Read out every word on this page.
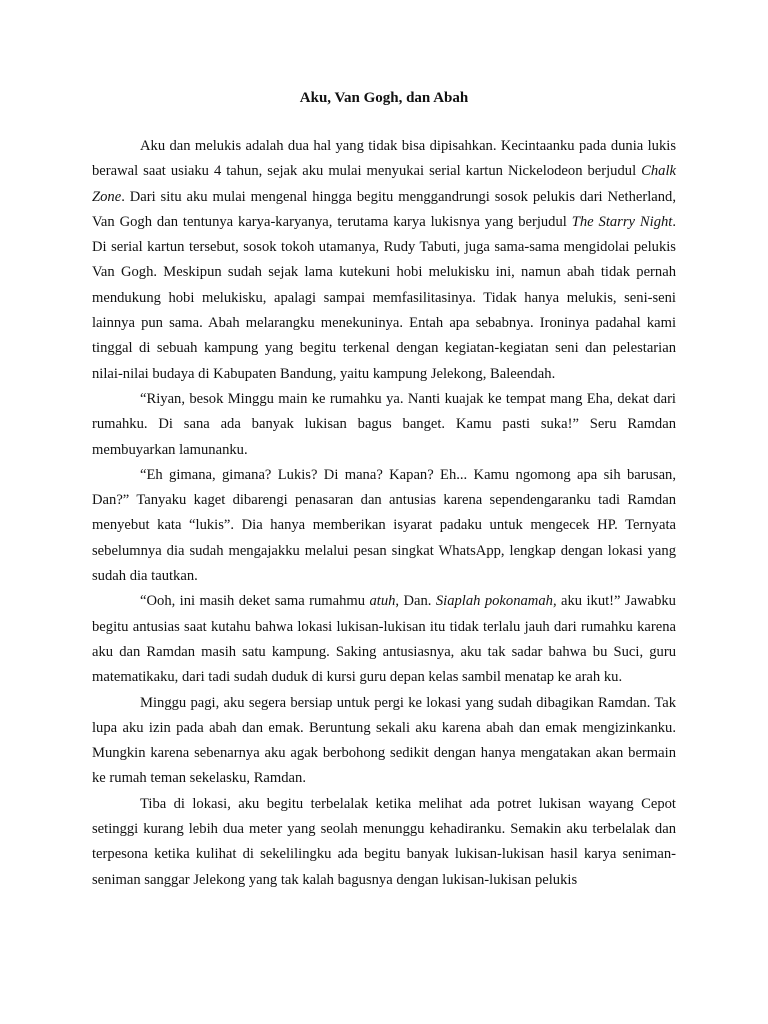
Aku, Van Gogh, dan Abah

Aku dan melukis adalah dua hal yang tidak bisa dipisahkan. Kecintaanku pada dunia lukis berawal saat usiaku 4 tahun, sejak aku mulai menyukai serial kartun Nickelodeon berjudul Chalk Zone. Dari situ aku mulai mengenal hingga begitu menggandrungi sosok pelukis dari Netherland, Van Gogh dan tentunya karya-karyanya, terutama karya lukisnya yang berjudul The Starry Night. Di serial kartun tersebut, sosok tokoh utamanya, Rudy Tabuti, juga sama-sama mengidolai pelukis Van Gogh. Meskipun sudah sejak lama kutekuni hobi melukisku ini, namun abah tidak pernah mendukung hobi melukisku, apalagi sampai memfasilitasinya. Tidak hanya melukis, seni-seni lainnya pun sama. Abah melarangku menekuninya. Entah apa sebabnya. Ironinya padahal kami tinggal di sebuah kampung yang begitu terkenal dengan kegiatan-kegiatan seni dan pelestarian nilai-nilai budaya di Kabupaten Bandung, yaitu kampung Jelekong, Baleendah.

“Riyan, besok Minggu main ke rumahku ya. Nanti kuajak ke tempat mang Eha, dekat dari rumahku. Di sana ada banyak lukisan bagus banget. Kamu pasti suka!” Seru Ramdan membuyarkan lamunanku.

“Eh gimana, gimana? Lukis? Di mana? Kapan? Eh... Kamu ngomong apa sih barusan, Dan?” Tanyaku kaget dibarengi penasaran dan antusias karena sependengaranku tadi Ramdan menyebut kata “lukis”. Dia hanya memberikan isyarat padaku untuk mengecek HP. Ternyata sebelumnya dia sudah mengajakku melalui pesan singkat WhatsApp, lengkap dengan lokasi yang sudah dia tautkan.

“Ooh, ini masih deket sama rumahmu atuh, Dan. Siaplah pokonamah, aku ikut!” Jawabku begitu antusias saat kutahu bahwa lokasi lukisan-lukisan itu tidak terlalu jauh dari rumahku karena aku dan Ramdan masih satu kampung. Saking antusiasnya, aku tak sadar bahwa bu Suci, guru matematikaku, dari tadi sudah duduk di kursi guru depan kelas sambil menatap ke arah ku.

Minggu pagi, aku segera bersiap untuk pergi ke lokasi yang sudah dibagikan Ramdan. Tak lupa aku izin pada abah dan emak. Beruntung sekali aku karena abah dan emak mengizinkanku. Mungkin karena sebenarnya aku agak berbohong sedikit dengan hanya mengatakan akan bermain ke rumah teman sekelasku, Ramdan.

Tiba di lokasi, aku begitu terbelalak ketika melihat ada potret lukisan wayang Cepot setinggi kurang lebih dua meter yang seolah menunggu kehadiranku. Semakin aku terbelalak dan terpesona ketika kulihat di sekelilingku ada begitu banyak lukisan-lukisan hasil karya seniman-seniman sanggar Jelekong yang tak kalah bagusnya dengan lukisan-lukisan pelukis
